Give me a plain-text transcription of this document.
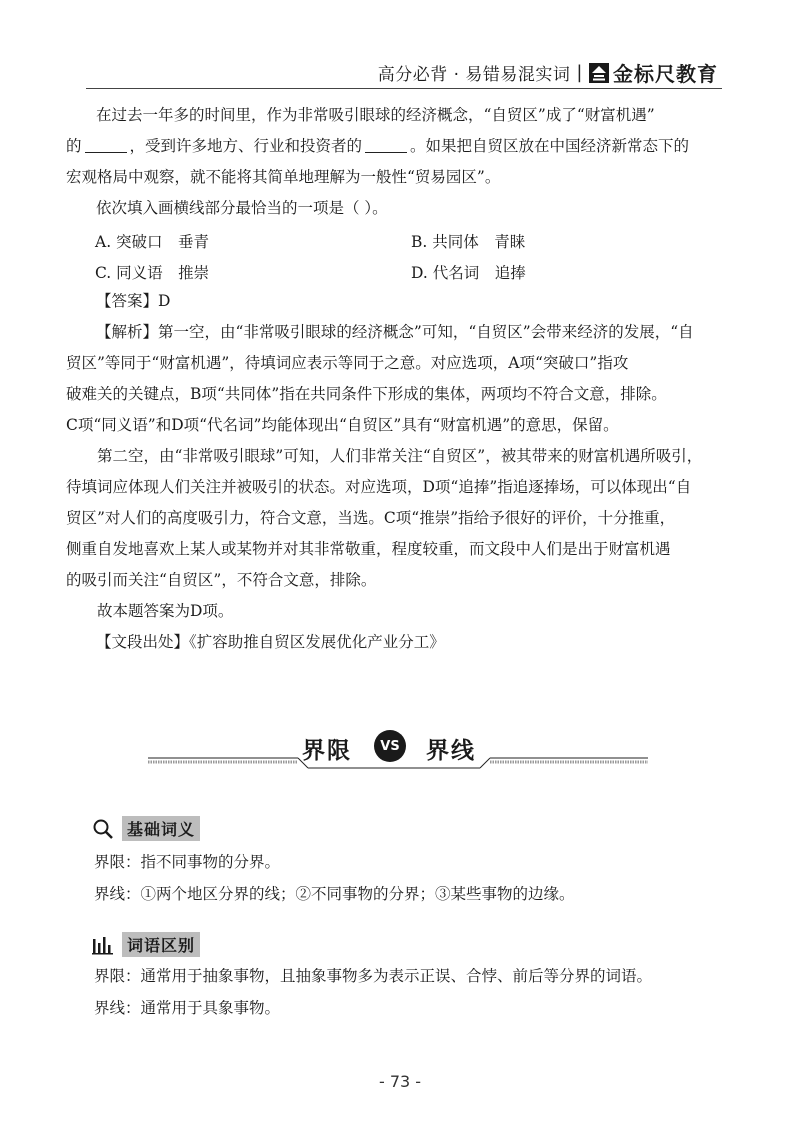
高分必背 · 易错易混实词 | 金标尺教育
在过去一年多的时间里，作为非常吸引眼球的经济概念，“自贸区”成了“财富机遇”
的	，受到许多地方、行业和投资者的	。如果把自贸区放在中国经济新常态下的
宏观格局中观察，就不能将其简单地理解为一般性“贸易园区”。
依次填入画横线部分最恰当的一项是（ ）。
A. 突破口　垂青	B. 共同体　青睐
C. 同义语　推崇	D. 代名词　追捧
【答案】D
【解析】第一空，由“非常吸引眼球的经济概念”可知，“自贸区”会带来经济的发展，“自
贸区”等同于“财富机遇”，待填词应表示等同于之意。对应选项，A项“突破口”指攻
破难关的关键点，B项“共同体”指在共同条件下形成的集体，两项均不符合文意，排除。
C项“同义语”和D项“代名词”均能体现出“自贸区”具有“财富机遇”的意思，保留。
　　第二空，由“非常吸引眼球”可知，人们非常关注“自贸区”，被其带来的财富机遇所吸引，
待填词应体现人们关注并被吸引的状态。对应选项，D项“追捧”指追逐捧场，可以体现出“自
贸区”对人们的高度吸引力，符合文意，当选。C项“推崇”指给予很好的评价，十分推重，
侧重自发地喜欢上某人或某物并对其非常敬重，程度较重，而文段中人们是出于财富机遇
的吸引而关注“自贸区”，不符合文意，排除。
　　故本题答案为D项。
【文段出处】《扩容助推自贸区发展优化产业分工》
界限	VS 界线
基础词义
界限：指不同事物的分界。
界线：①两个地区分界的线；②不同事物的分界；③某些事物的边缘。
词语区别
界限：通常用于抽象事物，且抽象事物多为表示正误、合悖、前后等分界的词语。
界线：通常用于具象事物。
- 73 -
